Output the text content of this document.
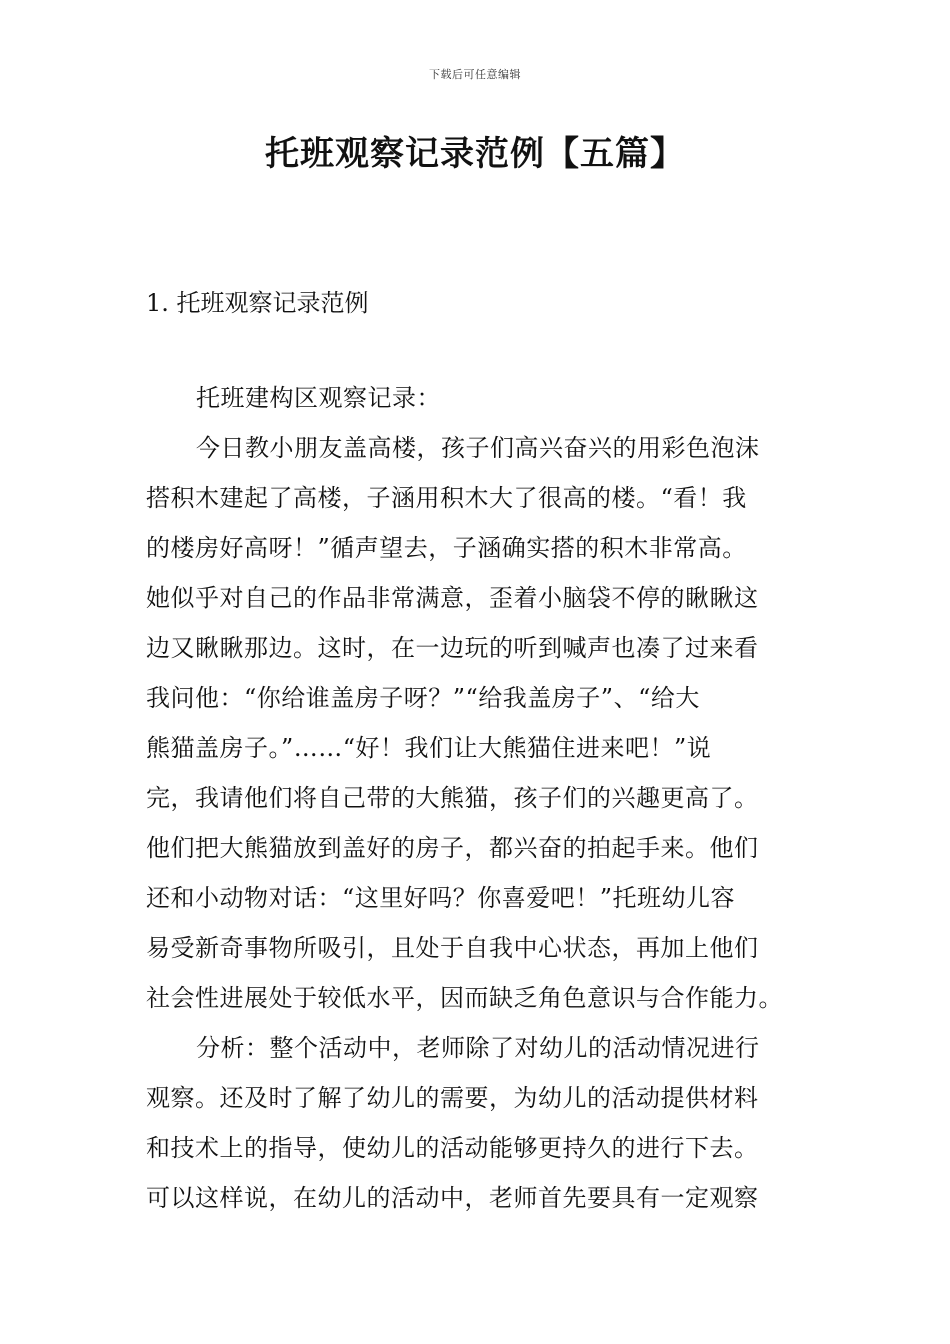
下载后可任意编辑
托班观察记录范例【五篇】
1. 托班观察记录范例
托班建构区观察记录：
今日教小朋友盖高楼，孩子们高兴奋兴的用彩色泡沫
搭积木建起了高楼，子涵用积木大了很高的楼。“看！我
的楼房好高呀！”循声望去，子涵确实搭的积木非常高。
她似乎对自己的作品非常满意，歪着小脑袋不停的瞅瞅这
边又瞅瞅那边。这时，在一边玩的听到喊声也凑了过来看
我问他：“你给谁盖房子呀？”“给我盖房子”、“给大
熊猫盖房子。”……“好！我们让大熊猫住进来吧！”说
完，我请他们将自己带的大熊猫，孩子们的兴趣更高了。
他们把大熊猫放到盖好的房子，都兴奋的拍起手来。他们
还和小动物对话：“这里好吗？你喜爱吧！”托班幼儿容
易受新奇事物所吸引，且处于自我中心状态，再加上他们
社会性进展处于较低水平，因而缺乏角色意识与合作能力。
分析：整个活动中，老师除了对幼儿的活动情况进行
观察。还及时了解了幼儿的需要，为幼儿的活动提供材料
和技术上的指导，使幼儿的活动能够更持久的进行下去。
可以这样说，在幼儿的活动中，老师首先要具有一定观察
